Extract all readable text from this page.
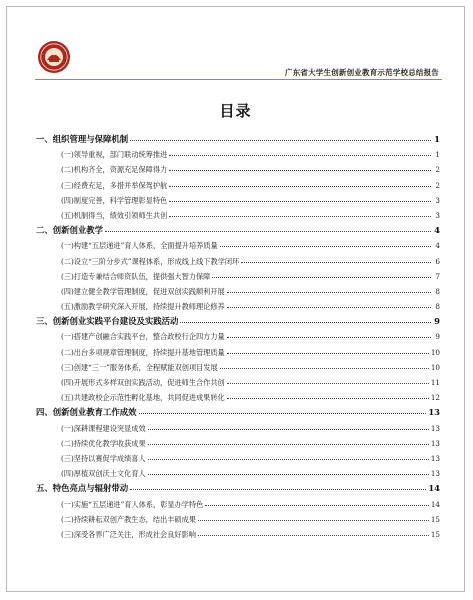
广东省大学生创新创业教育示范学校总结报告
目录
一、组织管理与保障机制	1
(一)领导重视，部门联动统筹推进	1
(二)机构齐全，资源充足保障得力	2
(三)经费充足，多措并举保驾护航	2
(四)制度完善，科学管理彰显特色	3
(五)机制得当，绩效引领师生共创	3
二、创新创业教学	4
(一)构建“五层递进”育人体系，全面提升培养质量	4
(二)设立“三阶分步式”课程体系，形成线上线下教学闭环	6
(三)打造专兼结合师资队伍，提供强大智力保障	7
(四)建立健全教学管理制度，促进双创实践顺利开展	8
(五)激励教学研究深入开展，持续提升教师理论修养	8
三、创新创业实践平台建设及实践活动	9
(一)搭建产创融合实践平台，整合政校行企四方力量	9
(二)出台多项规章管理制度，持续提升基地管理质量	10
(三)创建“三一”服务体系，全程赋能双创项目发展	10
(四)开展形式多样双创实践活动，促进师生合作共创	11
(五)共建政校企示范性孵化基地，共同促进成果转化	12
四、创新创业教育工作成效	13
(一)深耕课程建设突显成效	13
(二)持续优化教学收获成果	13
(三)坚持以赛促学成绩喜人	13
(四)厚植双创沃土文化育人	13
五、特色亮点与辐射带动	14
(一)实施“五层递进”育人体系，彰显办学特色	14
(二)持续耕耘双创产教生态，结出丰硕成果	15
(三)深受各界广泛关注，形成社会良好影响	15
